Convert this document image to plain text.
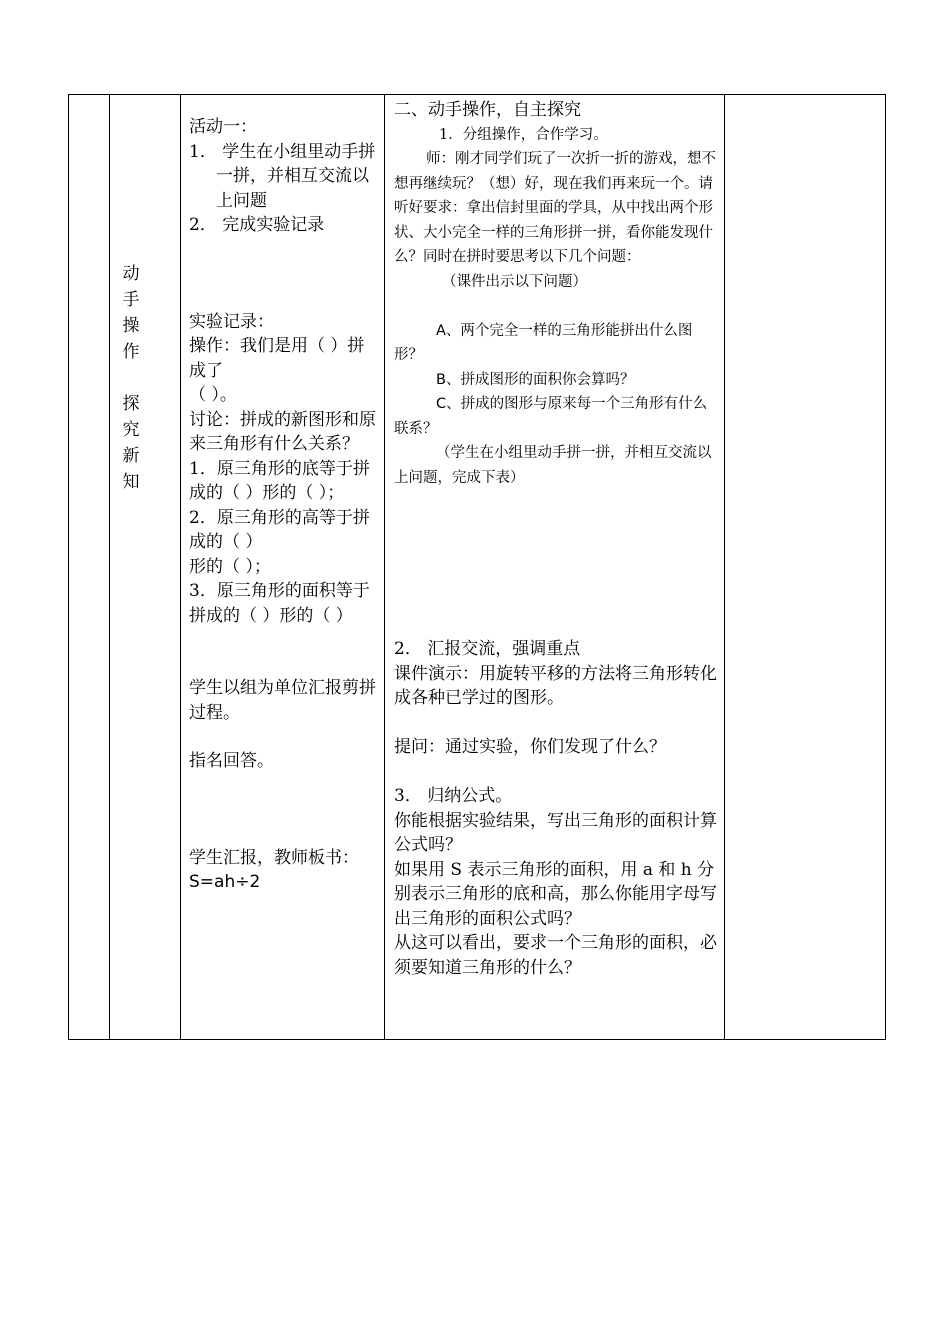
动
手
操
作
探
究
新
知

活动一：

1． 学生在小组里动手拼一拼，并相互交流以上问题

2． 完成实验记录

实验记录：

操作：我们是用（ ）拼成了

（ ）。

讨论：拼成的新图形和原来三角形有什么关系？

1．原三角形的底等于拼成的（ ）形的（ ）；

2．原三角形的高等于拼成的（ ）

形的（ ）；

3．原三角形的面积等于拼成的（ ）形的（ ）

学生以组为单位汇报剪拼过程。

指名回答。

学生汇报，教师板书：

S=ah÷2

二、动手操作，自主探究

1．分组操作，合作学习。

师：刚才同学们玩了一次折一折的游戏，想不想再继续玩？（想）好，现在我们再来玩一个。请听好要求：拿出信封里面的学具，从中找出两个形状、大小完全一样的三角形拼一拼，看你能发现什么？同时在拼时要思考以下几个问题：

（课件出示以下问题）

A、两个完全一样的三角形能拼出什么图形？

B、拼成图形的面积你会算吗？

C、拼成的图形与原来每一个三角形有什么联系？

（学生在小组里动手拼一拼，并相互交流以上问题，完成下表）

2． 汇报交流，强调重点

课件演示：用旋转平移的方法将三角形转化成各种已学过的图形。

提问：通过实验，你们发现了什么？

3． 归纳公式。

你能根据实验结果，写出三角形的面积计算公式吗？

如果用 S 表示三角形的面积，用 a 和 h 分别表示三角形的底和高，那么你能用字母写出三角形的面积公式吗？

从这可以看出，要求一个三角形的面积，必须要知道三角形的什么？
